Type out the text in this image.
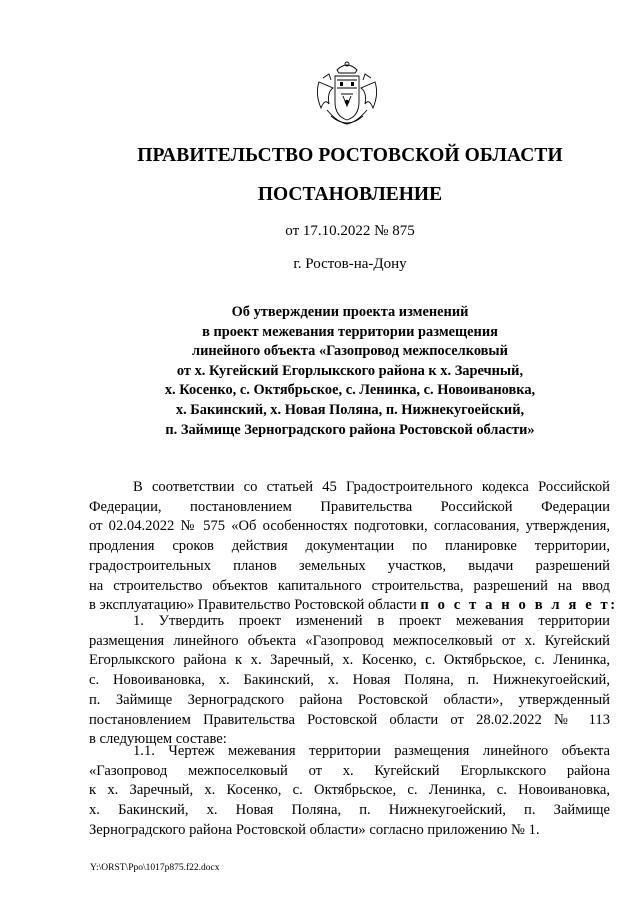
ПРАВИТЕЛЬСТВО РОСТОВСКОЙ ОБЛАСТИ
ПОСТАНОВЛЕНИЕ
от 17.10.2022 № 875
г. Ростов-на-Дону
Об утверждении проекта изменений
в проект межевания территории размещения
линейного объекта «Газопровод межпоселковый
от х. Кугейский Егорлыкского района к х. Заречный,
х. Косенко, с. Октябрьское, с. Ленинка, с. Новоивановка,
х. Бакинский, х. Новая Поляна, п. Нижнекугоейский,
п. Займище Зерноградского района Ростовской области»
В соответствии со статьей 45 Градостроительного кодекса Российской
Федерации, постановлением Правительства Российской Федерации
от 02.04.2022 № 575 «Об особенностях подготовки, согласования, утверждения,
продления сроков действия документации по планировке территории,
градостроительных планов земельных участков, выдачи разрешений
на строительство объектов капитального строительства, разрешений на ввод
в эксплуатацию» Правительство Ростовской области п о с т а н о в л я е т:
1. Утвердить проект изменений в проект межевания территории
размещения линейного объекта «Газопровод межпоселковый от х. Кугейский
Егорлыкского района к х. Заречный, х. Косенко, с. Октябрьское, с. Ленинка,
с. Новоивановка, х. Бакинский, х. Новая Поляна, п. Нижнекугоейский,
п. Займище Зерноградского района Ростовской области», утвержденный
постановлением Правительства Ростовской области от 28.02.2022 № 113
в следующем составе:
1.1. Чертеж межевания территории размещения линейного объекта
«Газопровод межпоселковый от х. Кугейский Егорлыкского района
к х. Заречный, х. Косенко, с. Октябрьское, с. Ленинка, с. Новоивановка,
х. Бакинский, х. Новая Поляна, п. Нижнекугоейский, п. Займище
Зерноградского района Ростовской области» согласно приложению № 1.
Y:\ORST\Ppo\1017p875.f22.docx
